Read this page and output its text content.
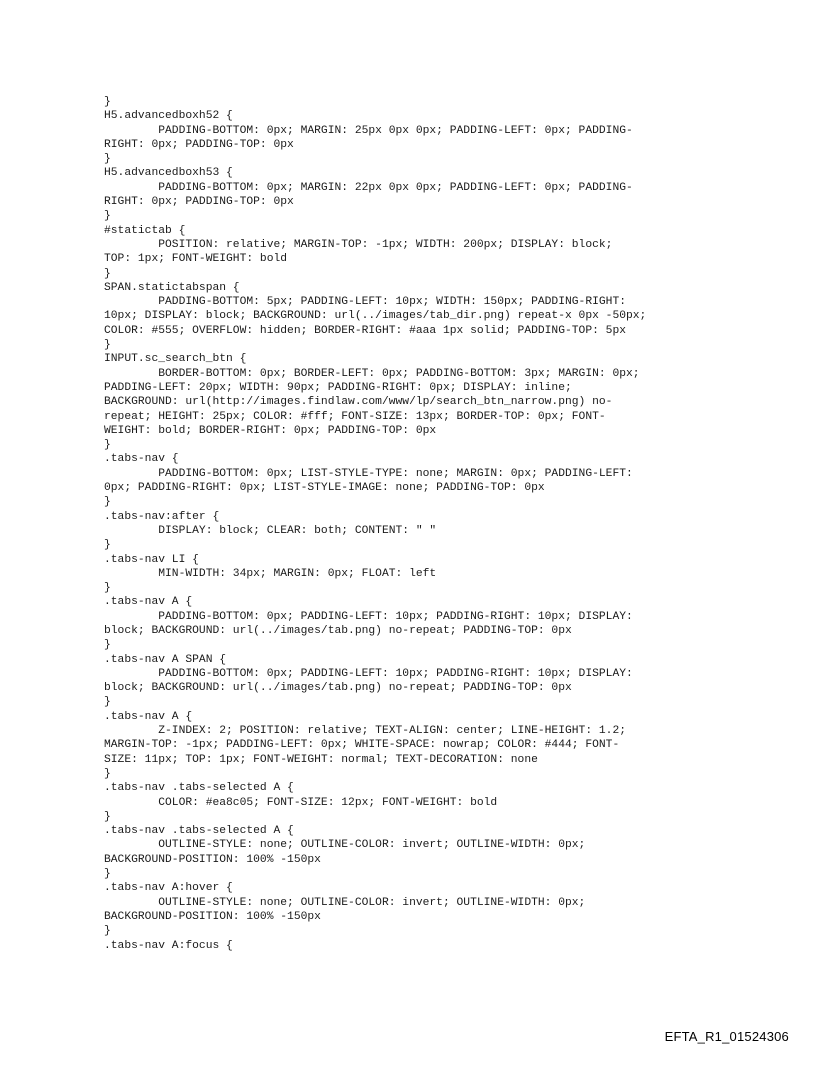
}
H5.advancedboxh52 {
PADDING-BOTTOM: 0px; MARGIN: 25px 0px 0px; PADDING-LEFT: 0px; PADDING-
RIGHT: 0px; PADDING-TOP: 0px
}
H5.advancedboxh53 {
PADDING-BOTTOM: 0px; MARGIN: 22px 0px 0px; PADDING-LEFT: 0px; PADDING-
RIGHT: 0px; PADDING-TOP: 0px
}
#statictab {
POSITION: relative; MARGIN-TOP: -1px; WIDTH: 200px; DISPLAY: block;
TOP: 1px; FONT-WEIGHT: bold
}
SPAN.statictabspan {
PADDING-BOTTOM: 5px; PADDING-LEFT: 10px; WIDTH: 150px; PADDING-RIGHT:
10px; DISPLAY: block; BACKGROUND: url(../images/tab_dir.png) repeat-x 0px -50px;
COLOR: #555; OVERFLOW: hidden; BORDER-RIGHT: #aaa 1px solid; PADDING-TOP: 5px
}
INPUT.sc_search_btn {
BORDER-BOTTOM: 0px; BORDER-LEFT: 0px; PADDING-BOTTOM: 3px; MARGIN: 0px;
PADDING-LEFT: 20px; WIDTH: 90px; PADDING-RIGHT: 0px; DISPLAY: inline;
BACKGROUND: url(http://images.findlaw.com/www/lp/search_btn_narrow.png) no-
repeat; HEIGHT: 25px; COLOR: #fff; FONT-SIZE: 13px; BORDER-TOP: 0px; FONT-
WEIGHT: bold; BORDER-RIGHT: 0px; PADDING-TOP: 0px
}
.tabs-nav {
PADDING-BOTTOM: 0px; LIST-STYLE-TYPE: none; MARGIN: 0px; PADDING-LEFT:
0px; PADDING-RIGHT: 0px; LIST-STYLE-IMAGE: none; PADDING-TOP: 0px
}
.tabs-nav:after {
DISPLAY: block; CLEAR: both; CONTENT: " "
}
.tabs-nav LI {
MIN-WIDTH: 34px; MARGIN: 0px; FLOAT: left
}
.tabs-nav A {
PADDING-BOTTOM: 0px; PADDING-LEFT: 10px; PADDING-RIGHT: 10px; DISPLAY:
block; BACKGROUND: url(../images/tab.png) no-repeat; PADDING-TOP: 0px
}
.tabs-nav A SPAN {
PADDING-BOTTOM: 0px; PADDING-LEFT: 10px; PADDING-RIGHT: 10px; DISPLAY:
block; BACKGROUND: url(../images/tab.png) no-repeat; PADDING-TOP: 0px
}
.tabs-nav A {
Z-INDEX: 2; POSITION: relative; TEXT-ALIGN: center; LINE-HEIGHT: 1.2;
MARGIN-TOP: -1px; PADDING-LEFT: 0px; WHITE-SPACE: nowrap; COLOR: #444; FONT-
SIZE: 11px; TOP: 1px; FONT-WEIGHT: normal; TEXT-DECORATION: none
}
.tabs-nav .tabs-selected A {
COLOR: #ea8c05; FONT-SIZE: 12px; FONT-WEIGHT: bold
}
.tabs-nav .tabs-selected A {
OUTLINE-STYLE: none; OUTLINE-COLOR: invert; OUTLINE-WIDTH: 0px;
BACKGROUND-POSITION: 100% -150px
}
.tabs-nav A:hover {
OUTLINE-STYLE: none; OUTLINE-COLOR: invert; OUTLINE-WIDTH: 0px;
BACKGROUND-POSITION: 100% -150px
}
.tabs-nav A:focus {
EFTA_R1_01524306
